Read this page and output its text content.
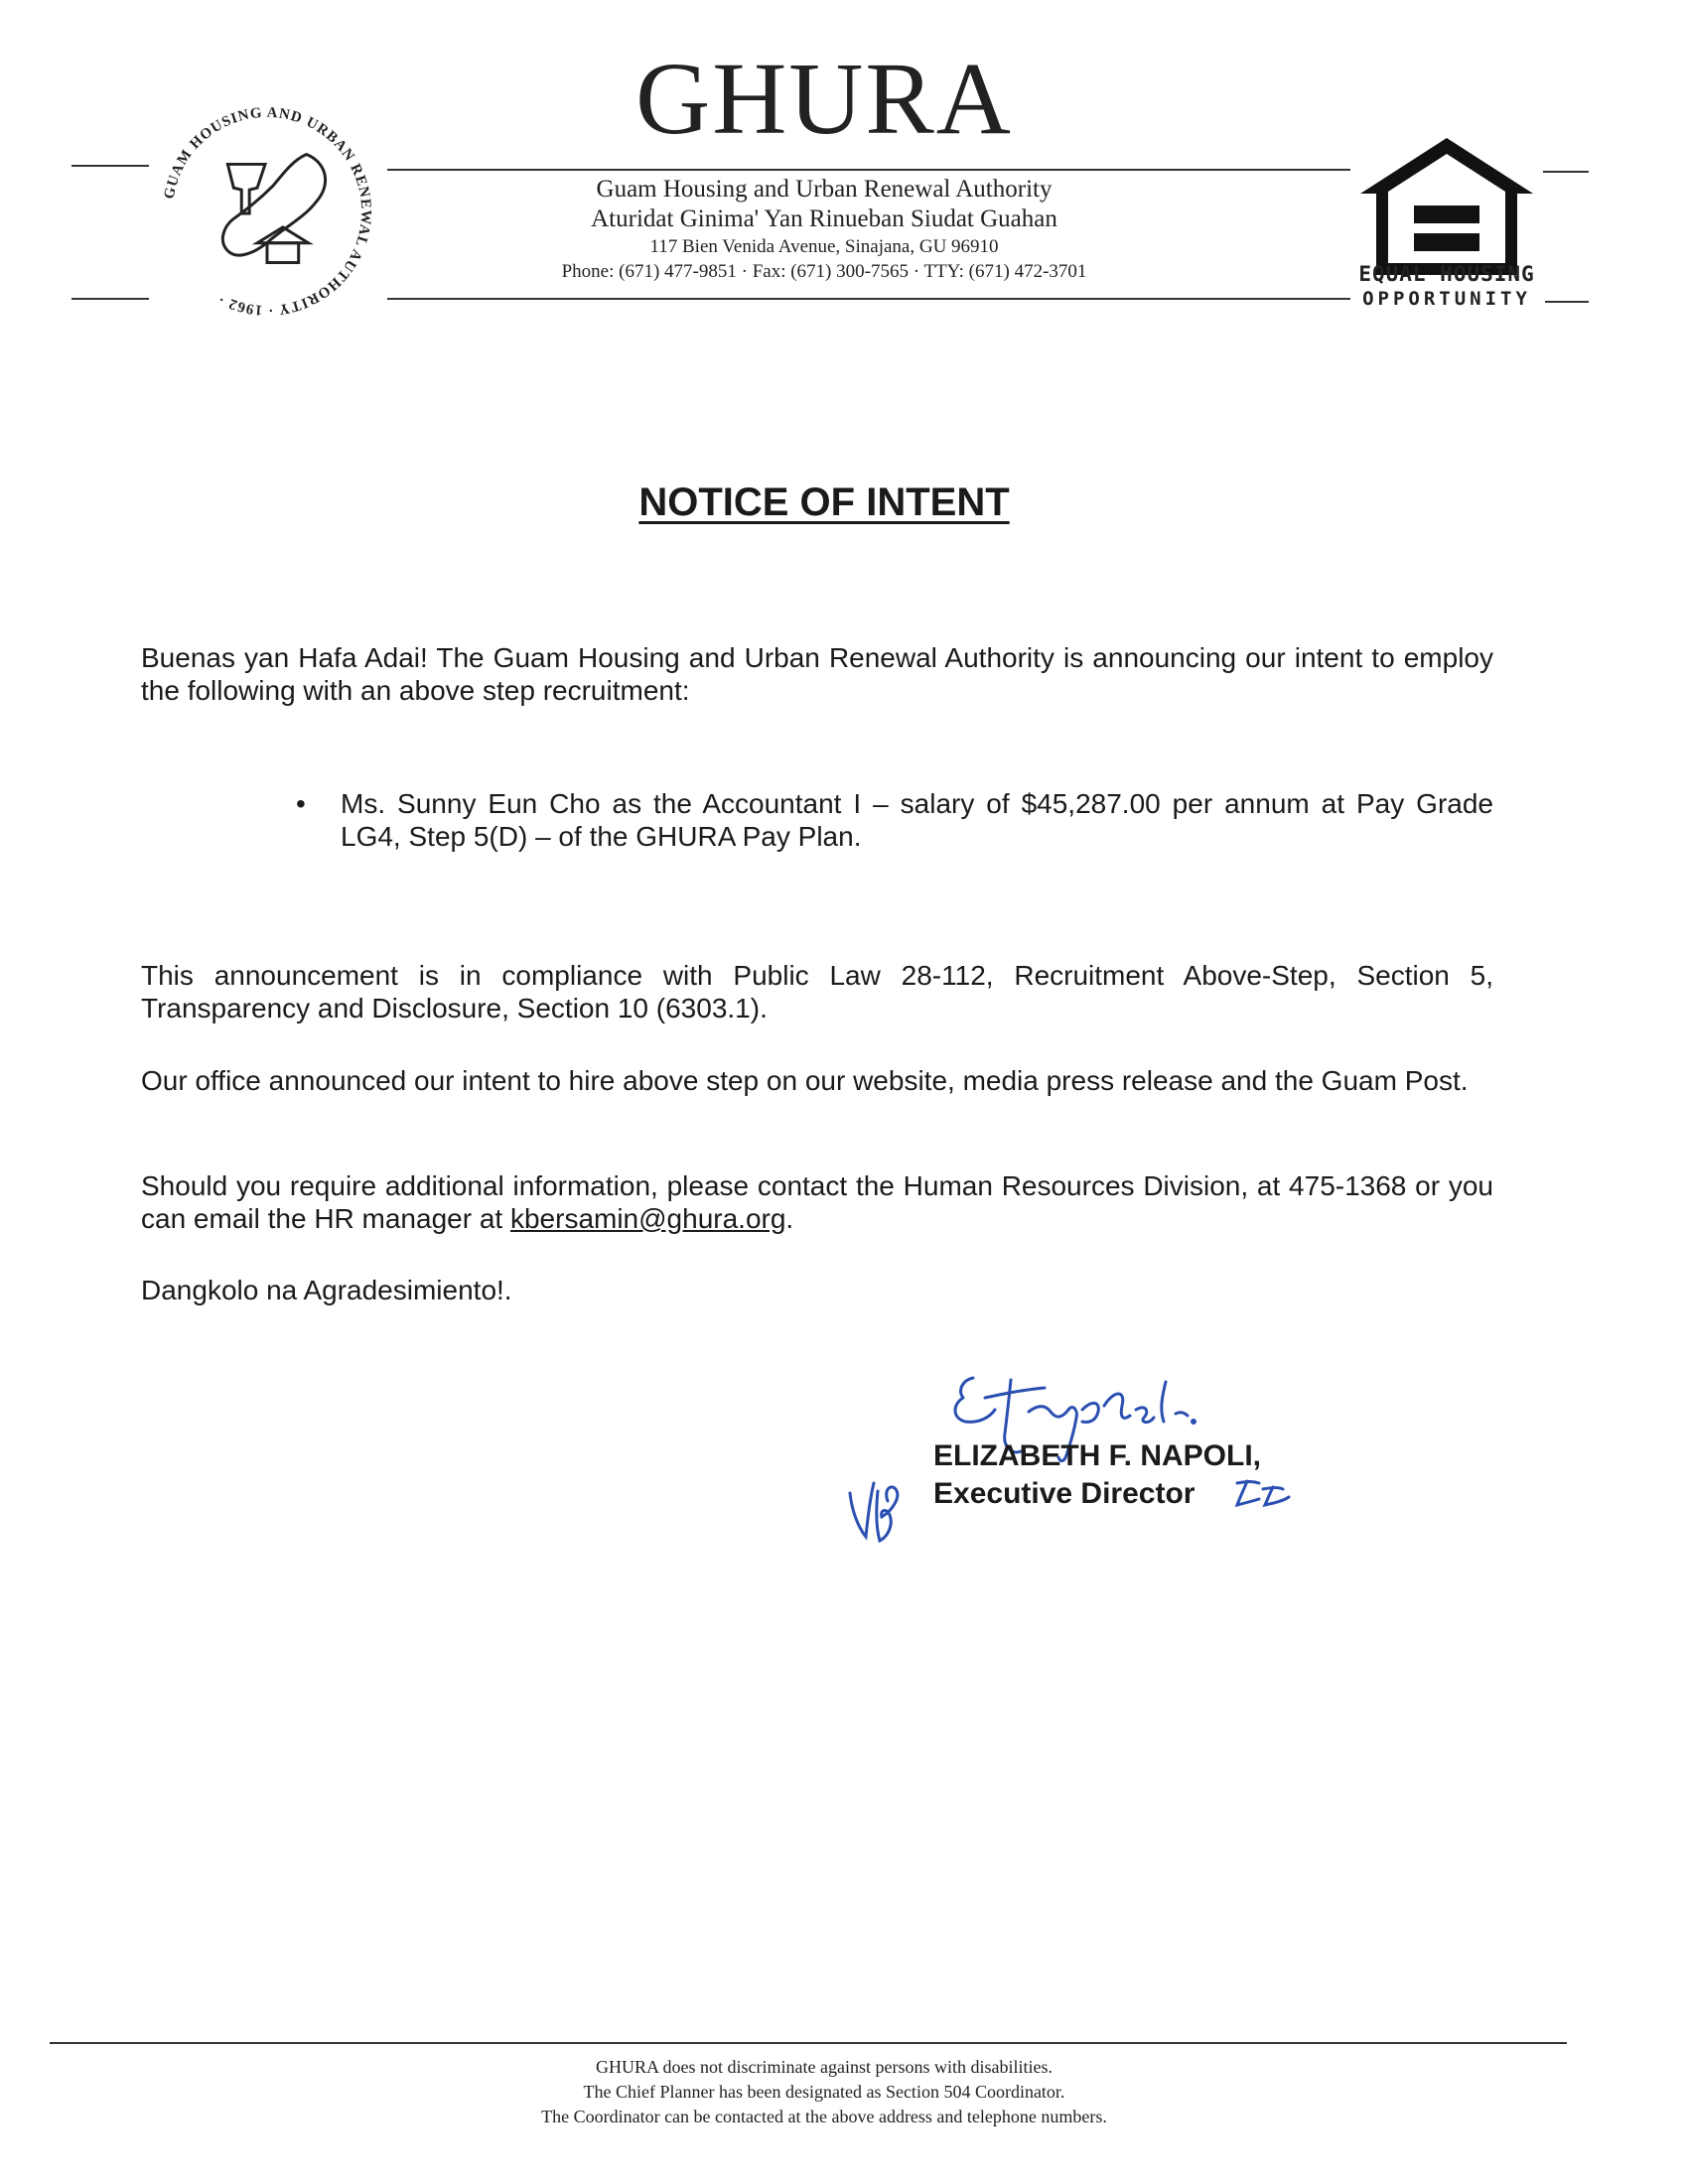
GUAM HOUSING AND URBAN RENEWAL AUTHORITY · 1962 ·
GHURA
Guam Housing and Urban Renewal Authority
Aturidat Ginima' Yan Rinueban Siudat Guahan
117 Bien Venida Avenue, Sinajana, GU 96910
Phone: (671) 477-9851 · Fax: (671) 300-7565 · TTY: (671) 472-3701	EQUAL HOUSING
OPPORTUNITY
NOTICE OF INTENT

Buenas yan Hafa Adai! The Guam Housing and Urban Renewal Authority is announcing our intent to employ the following with an above step recruitment:

• Ms. Sunny Eun Cho as the Accountant I – salary of $45,287.00 per annum at Pay Grade LG4, Step 5(D) – of the GHURA Pay Plan.

This announcement is in compliance with Public Law 28-112, Recruitment Above-Step, Section 5, Transparency and Disclosure, Section 10 (6303.1).

Our office announced our intent to hire above step on our website, media press release and the Guam Post.

Should you require additional information, please contact the Human Resources Division, at 475-1368 or you can email the HR manager at kbersamin@ghura.org.

Dangkolo na Agradesimiento!.

ELIZABETH F. NAPOLI,
Executive Director
GHURA does not discriminate against persons with disabilities.
The Chief Planner has been designated as Section 504 Coordinator.
The Coordinator can be contacted at the above address and telephone numbers.
